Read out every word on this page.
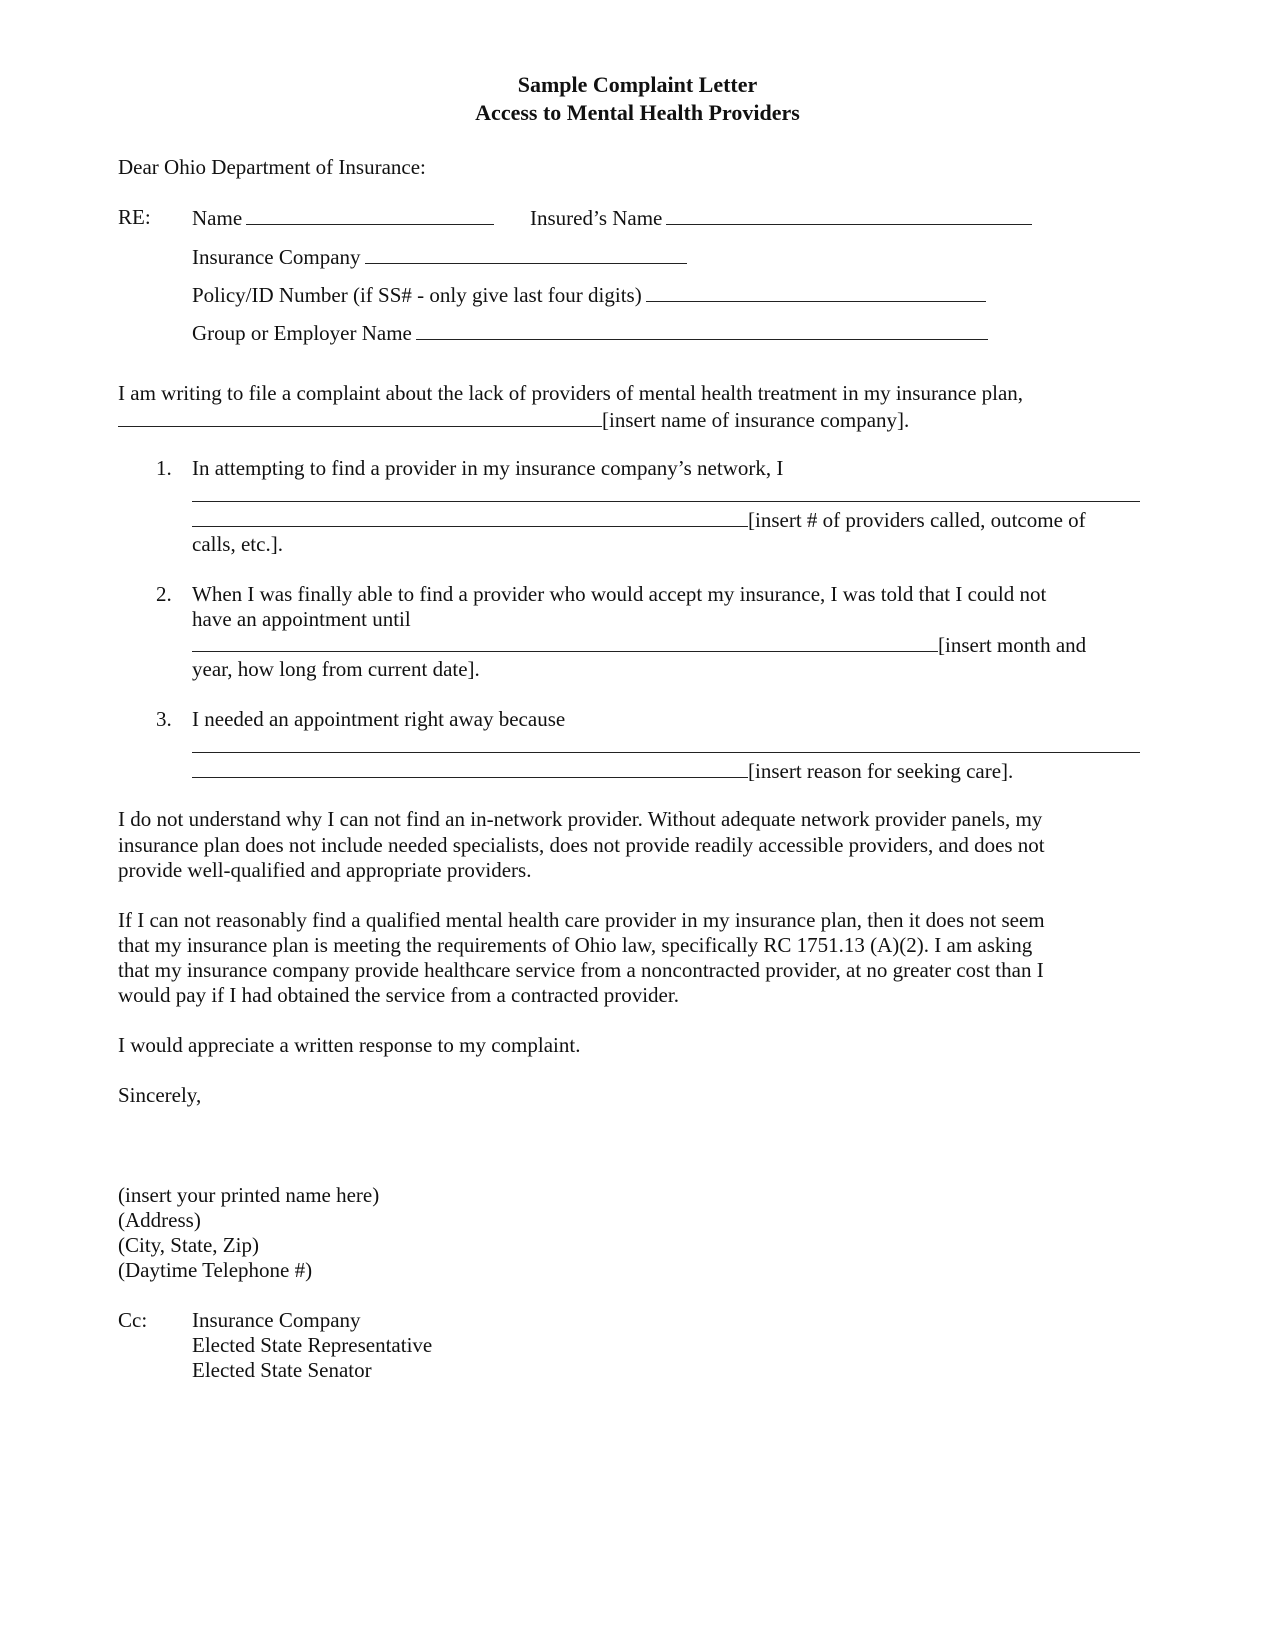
Sample Complaint Letter
Access to Mental Health Providers
Dear Ohio Department of Insurance:
RE: Name	Insured’s Name
Insurance Company
Policy/ID Number (if SS# - only give last four digits)
Group or Employer Name
I am writing to file a complaint about the lack of providers of mental health treatment in my insurance plan,
[insert name of insurance company].
1. In attempting to find a provider in my insurance company’s network, I
[insert # of providers called, outcome of
calls, etc.].
2. When I was finally able to find a provider who would accept my insurance, I was told that I could not
have an appointment until
[insert month and
year, how long from current date].
3. I needed an appointment right away because
[insert reason for seeking care].
I do not understand why I can not find an in-network provider. Without adequate network provider panels, my
insurance plan does not include needed specialists, does not provide readily accessible providers, and does not
provide well-qualified and appropriate providers.
If I can not reasonably find a qualified mental health care provider in my insurance plan, then it does not seem
that my insurance plan is meeting the requirements of Ohio law, specifically RC 1751.13 (A)(2). I am asking
that my insurance company provide healthcare service from a noncontracted provider, at no greater cost than I
would pay if I had obtained the service from a contracted provider.
I would appreciate a written response to my complaint.
Sincerely,
(insert your printed name here)
(Address)
(City, State, Zip)
(Daytime Telephone #)
Cc: Insurance Company
Elected State Representative
Elected State Senator
